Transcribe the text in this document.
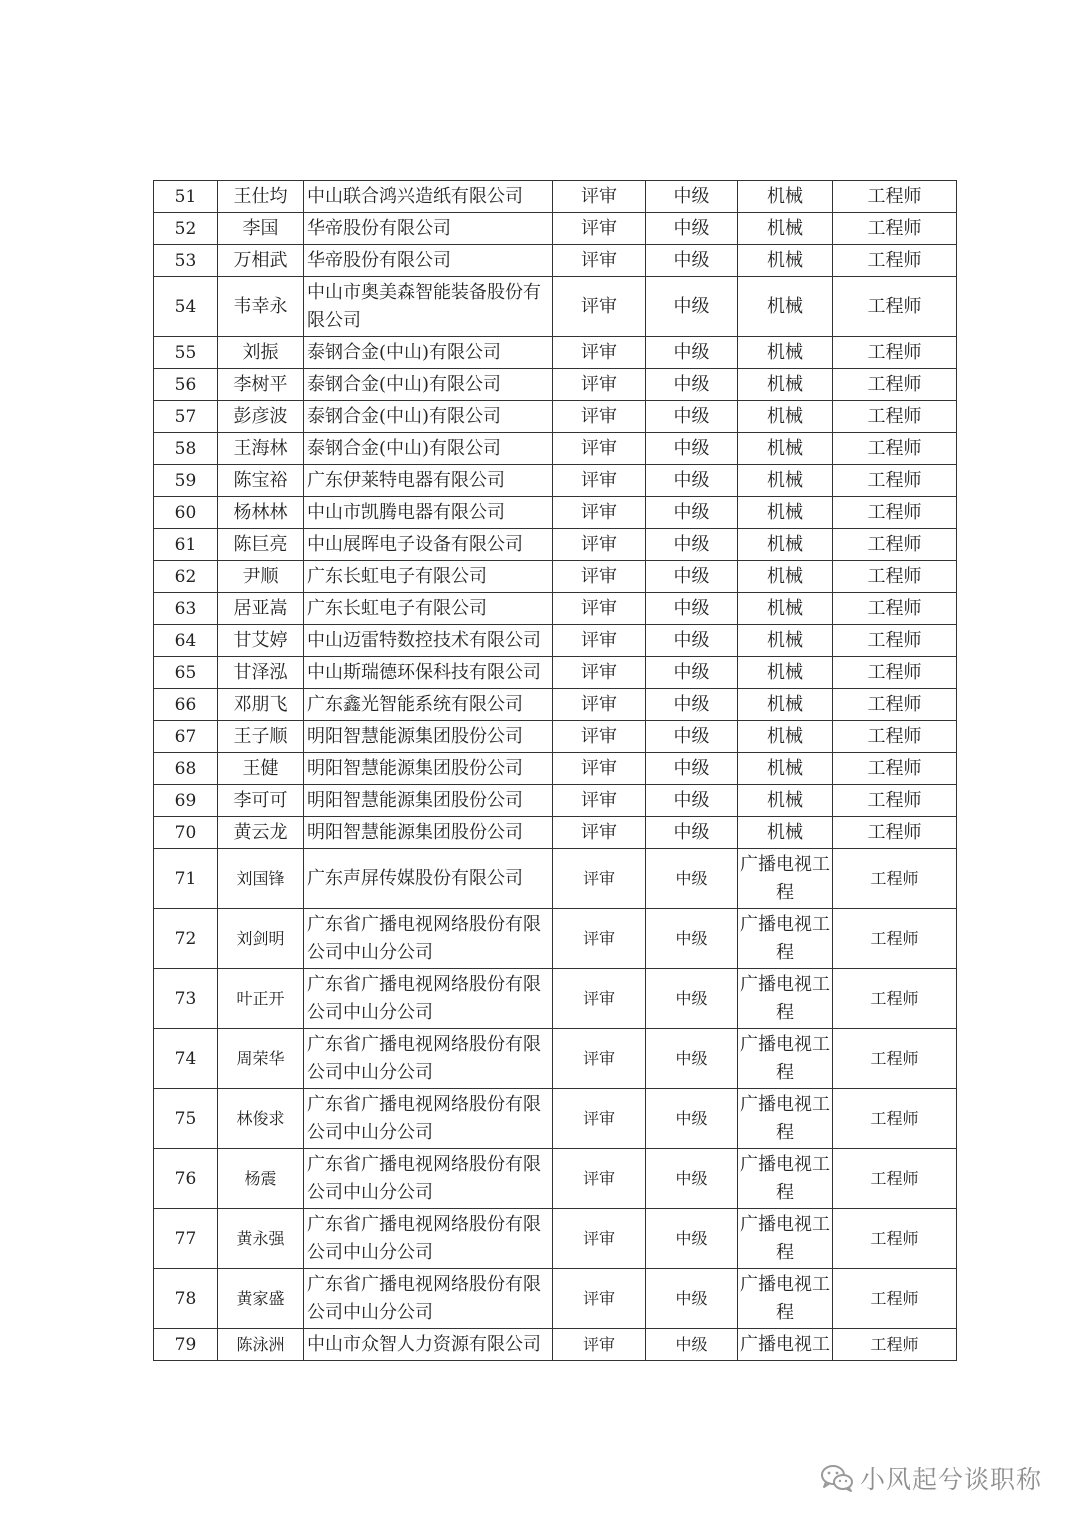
51	王仕均	中山联合鸿兴造纸有限公司	评审	中级	机械	工程师
52	李国	华帝股份有限公司	评审	中级	机械	工程师
53	万相武	华帝股份有限公司	评审	中级	机械	工程师
54	韦幸永	中山市奥美森智能装备股份有限公司	评审	中级	机械	工程师
55	刘振	泰钢合金(中山)有限公司	评审	中级	机械	工程师
56	李树平	泰钢合金(中山)有限公司	评审	中级	机械	工程师
57	彭彦波	泰钢合金(中山)有限公司	评审	中级	机械	工程师
58	王海林	泰钢合金(中山)有限公司	评审	中级	机械	工程师
59	陈宝裕	广东伊莱特电器有限公司	评审	中级	机械	工程师
60	杨林林	中山市凯腾电器有限公司	评审	中级	机械	工程师
61	陈巨亮	中山展晖电子设备有限公司	评审	中级	机械	工程师
62	尹顺	广东长虹电子有限公司	评审	中级	机械	工程师
63	居亚嵩	广东长虹电子有限公司	评审	中级	机械	工程师
64	甘艾婷	中山迈雷特数控技术有限公司	评审	中级	机械	工程师
65	甘泽泓	中山斯瑞德环保科技有限公司	评审	中级	机械	工程师
66	邓朋飞	广东鑫光智能系统有限公司	评审	中级	机械	工程师
67	王子顺	明阳智慧能源集团股份公司	评审	中级	机械	工程师
68	王健	明阳智慧能源集团股份公司	评审	中级	机械	工程师
69	李可可	明阳智慧能源集团股份公司	评审	中级	机械	工程师
70	黄云龙	明阳智慧能源集团股份公司	评审	中级	机械	工程师
71	刘国锋	广东声屏传媒股份有限公司	评审	中级	广播电视工程	工程师
72	刘剑明	广东省广播电视网络股份有限公司中山分公司	评审	中级	广播电视工程	工程师
73	叶正开	广东省广播电视网络股份有限公司中山分公司	评审	中级	广播电视工程	工程师
74	周荣华	广东省广播电视网络股份有限公司中山分公司	评审	中级	广播电视工程	工程师
75	林俊求	广东省广播电视网络股份有限公司中山分公司	评审	中级	广播电视工程	工程师
76	杨震	广东省广播电视网络股份有限公司中山分公司	评审	中级	广播电视工程	工程师
77	黄永强	广东省广播电视网络股份有限公司中山分公司	评审	中级	广播电视工程	工程师
78	黄家盛	广东省广播电视网络股份有限公司中山分公司	评审	中级	广播电视工程	工程师
79	陈泳洲	中山市众智人力资源有限公司	评审	中级	广播电视工	工程师
小风起兮谈职称
